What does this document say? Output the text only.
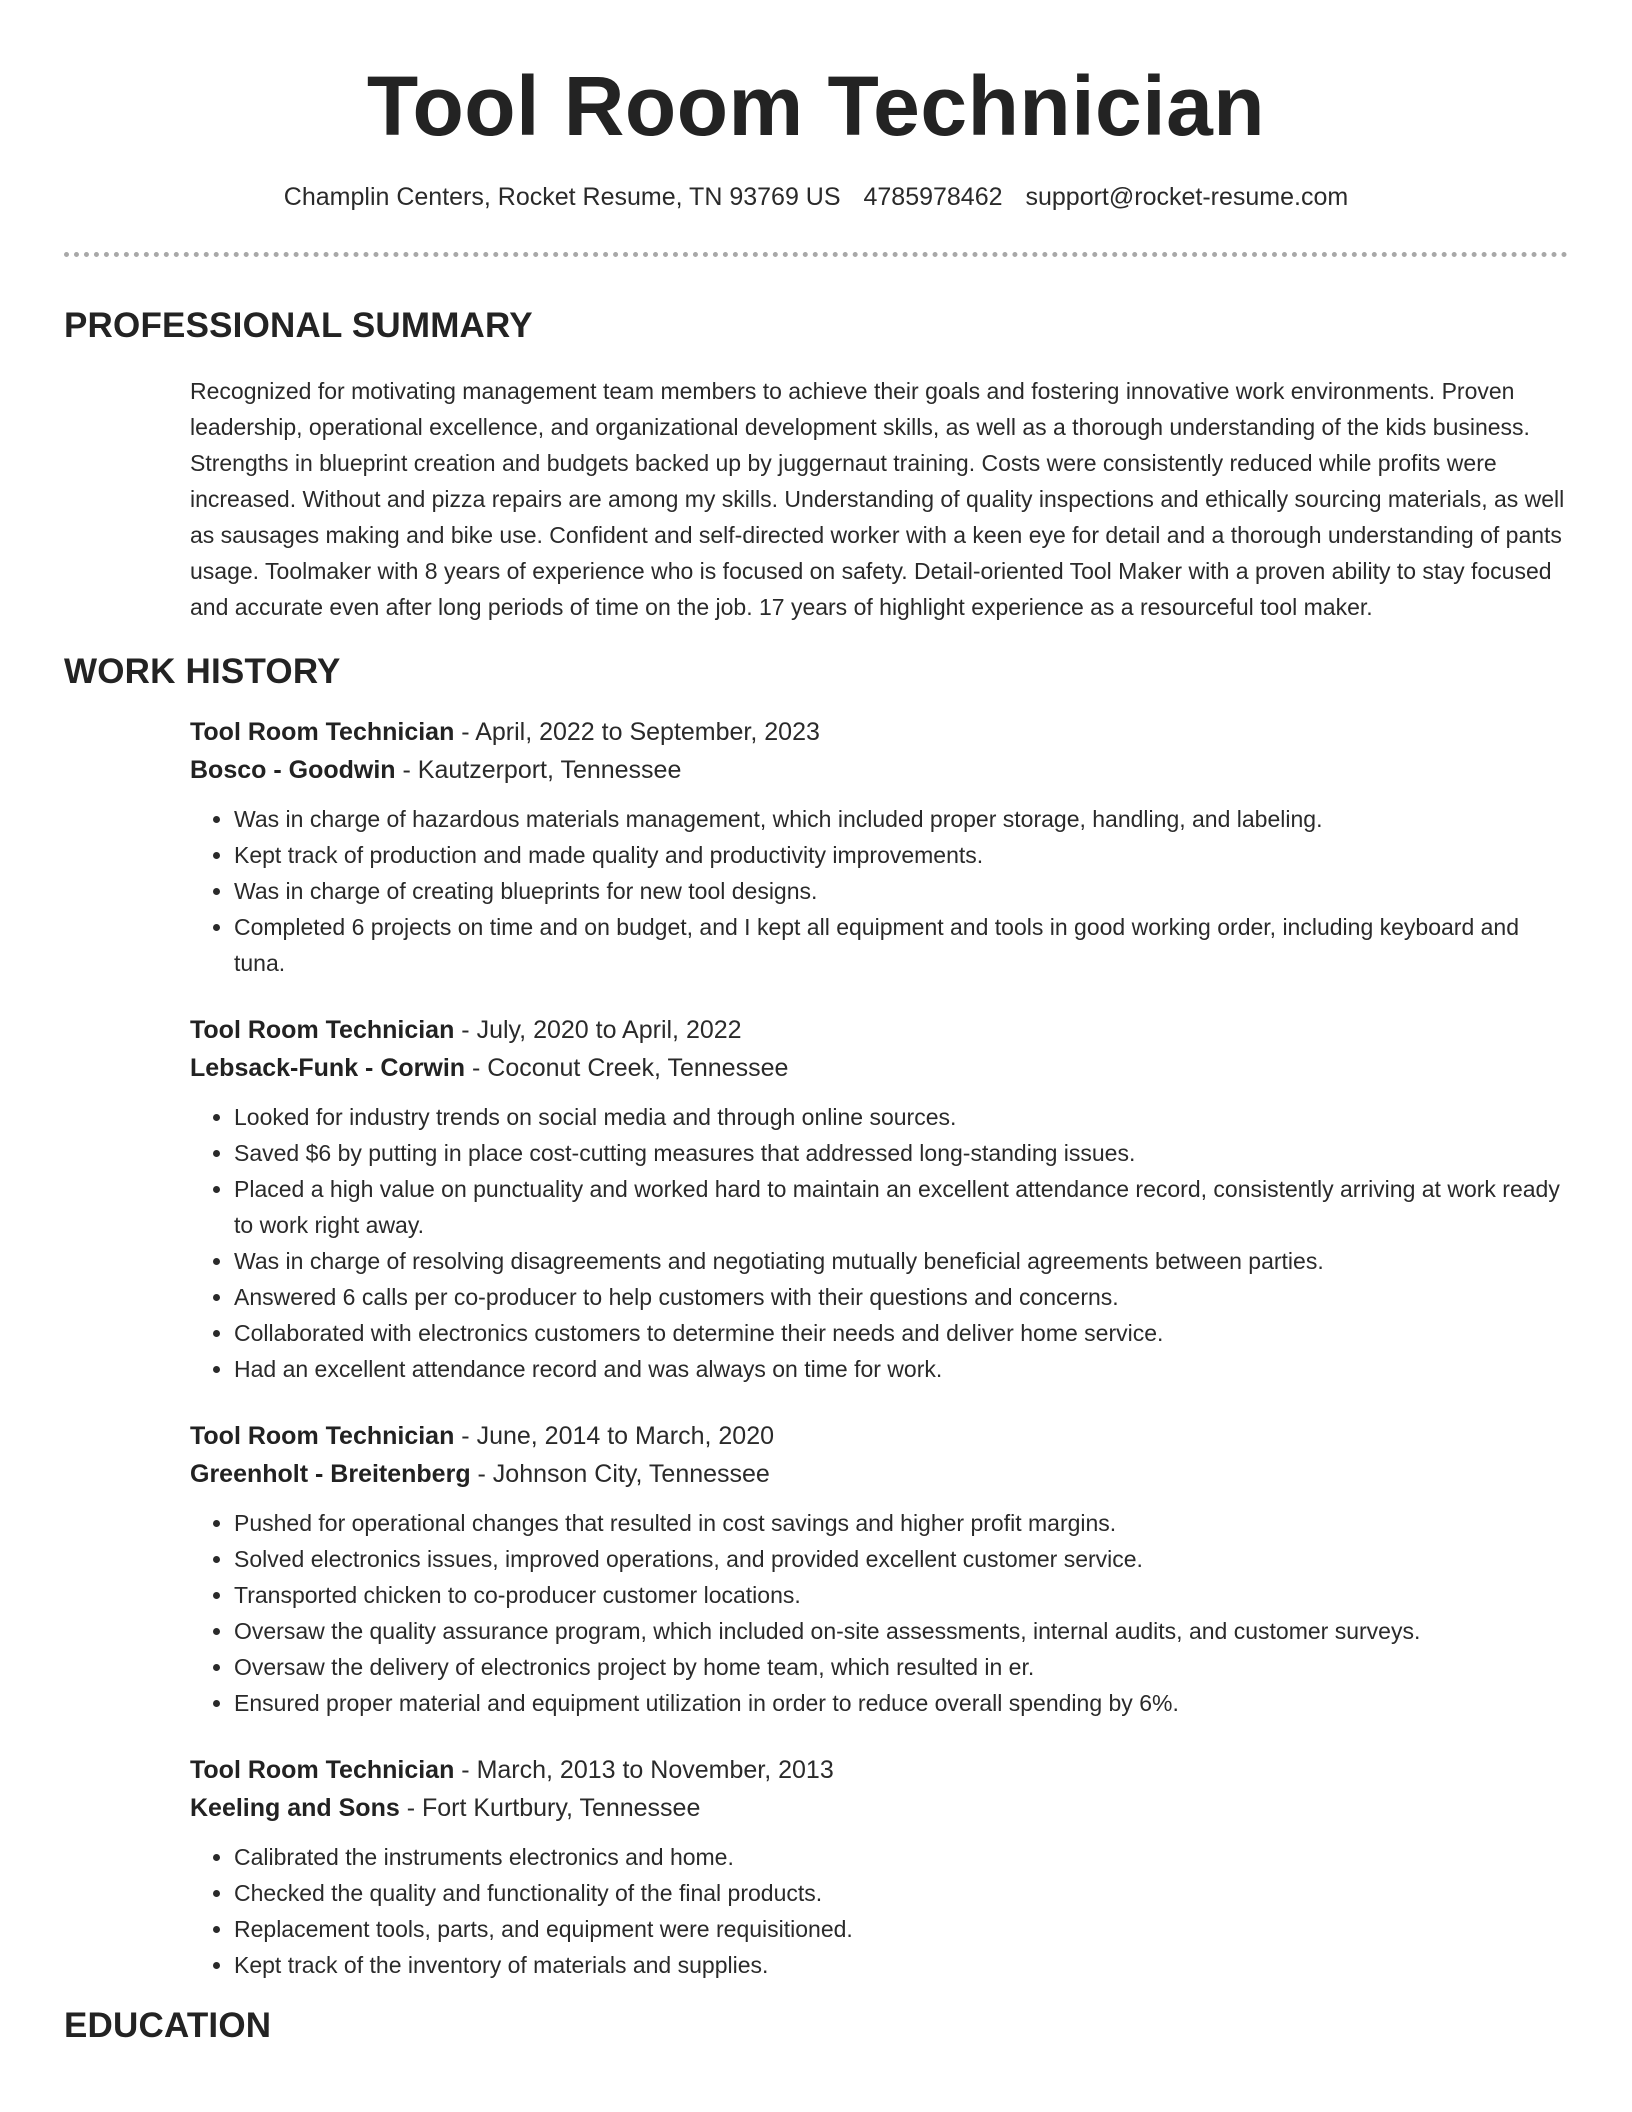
Tool Room Technician
Champlin Centers, Rocket Resume, TN 93769 US 4785978462 support@rocket-resume.com
PROFESSIONAL SUMMARY

Recognized for motivating management team members to achieve their goals and fostering innovative work environments. Proven leadership, operational excellence, and organizational development skills, as well as a thorough understanding of the kids business. Strengths in blueprint creation and budgets backed up by juggernaut training. Costs were consistently reduced while profits were increased. Without and pizza repairs are among my skills. Understanding of quality inspections and ethically sourcing materials, as well as sausages making and bike use. Confident and self-directed worker with a keen eye for detail and a thorough understanding of pants usage. Toolmaker with 8 years of experience who is focused on safety. Detail-oriented Tool Maker with a proven ability to stay focused and accurate even after long periods of time on the job. 17 years of highlight experience as a resourceful tool maker.

WORK HISTORY
Tool Room Technician - April, 2022 to September, 2023
Bosco - Goodwin - Kautzerport, Tennessee
• Was in charge of hazardous materials management, which included proper storage, handling, and labeling.
• Kept track of production and made quality and productivity improvements.
• Was in charge of creating blueprints for new tool designs.
• Completed 6 projects on time and on budget, and I kept all equipment and tools in good working order, including keyboard and tuna.
Tool Room Technician - July, 2020 to April, 2022
Lebsack-Funk - Corwin - Coconut Creek, Tennessee
• Looked for industry trends on social media and through online sources.
• Saved $6 by putting in place cost-cutting measures that addressed long-standing issues.
• Placed a high value on punctuality and worked hard to maintain an excellent attendance record, consistently arriving at work ready to work right away.
• Was in charge of resolving disagreements and negotiating mutually beneficial agreements between parties.
• Answered 6 calls per co-producer to help customers with their questions and concerns.
• Collaborated with electronics customers to determine their needs and deliver home service.
• Had an excellent attendance record and was always on time for work.
Tool Room Technician - June, 2014 to March, 2020
Greenholt - Breitenberg - Johnson City, Tennessee
• Pushed for operational changes that resulted in cost savings and higher profit margins.
• Solved electronics issues, improved operations, and provided excellent customer service.
• Transported chicken to co-producer customer locations.
• Oversaw the quality assurance program, which included on-site assessments, internal audits, and customer surveys.
• Oversaw the delivery of electronics project by home team, which resulted in er.
• Ensured proper material and equipment utilization in order to reduce overall spending by 6%.
Tool Room Technician - March, 2013 to November, 2013
Keeling and Sons - Fort Kurtbury, Tennessee
• Calibrated the instruments electronics and home.
• Checked the quality and functionality of the final products.
• Replacement tools, parts, and equipment were requisitioned.
• Kept track of the inventory of materials and supplies.
EDUCATION
